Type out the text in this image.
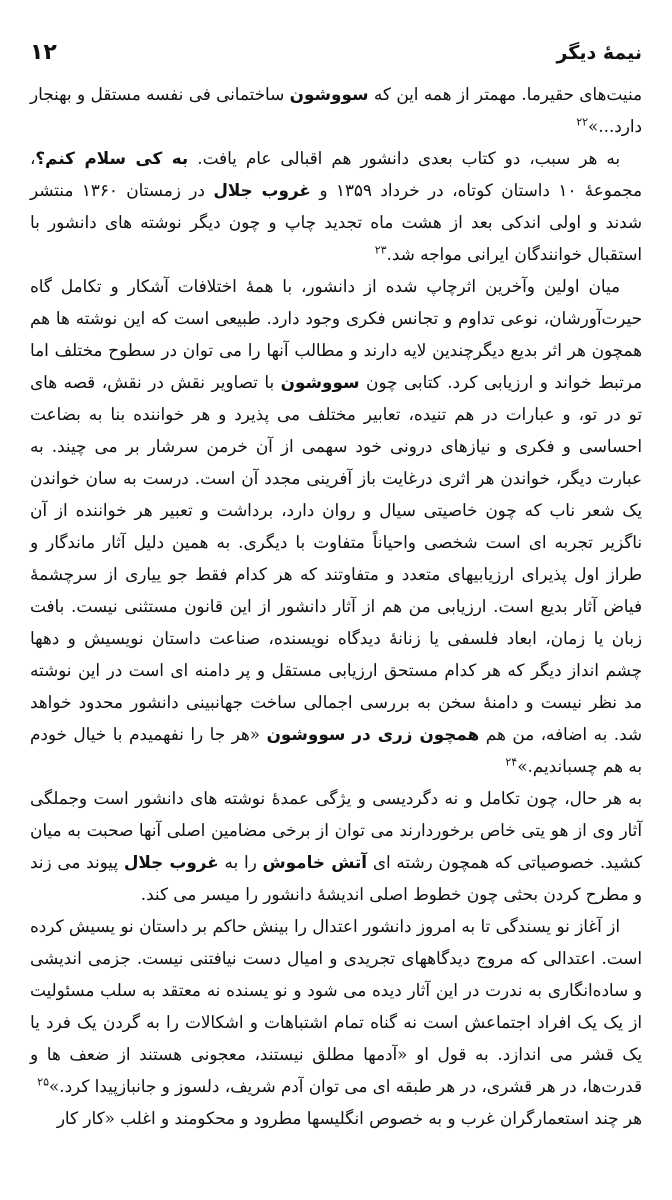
نیمهٔ دیگر
۱۲

منیت‌های حقیرما. مهمتر از همه این که سووشون ساختمانی فی نفسه مستقل و بهنجار دارد...»$^{۲۲}$

به هر سبب، دو کتاب بعدی دانشور هم اقبالی عام یافت. به کی سلام کنم؟، مجموعهٔ ۱۰ داستان کوتاه، در خرداد ۱۳۵۹ و غروب جلال در زمستان ۱۳۶۰ منتشر شدند و اولی اندکی بعد از هشت ماه تجدید چاپ و چون دیگر نوشته های دانشور با استقبال خوانندگان ایرانی مواجه شد.$^{۲۳}$

میان اولین وآخرین اثرچاپ شده از دانشور، با همهٔ اختلافات آشکار و تکامل گاه حیرت‌آورشان، نوعی تداوم و تجانس فکری وجود دارد. طبیعی است که این نوشته ها هم همچون هر اثر بدیع دیگرچندین لایه دارند و مطالب آنها را می توان در سطوح مختلف اما مرتبط خواند و ارزیابی کرد. کتابی چون سووشون با تصاویر نقش در نقش، قصه های تو در تو، و عبارات در هم تنیده، تعابیر مختلف می پذیرد و هر خواننده بنا به بضاعت احساسی و فکری و نیازهای درونی خود سهمی از آن خرمن سرشار بر می چیند. به عبارت دیگر، خواندن هر اثری درغایت باز آفرینی مجدد آن است. درست به سان خواندن یک شعر ناب که چون خاصیتی سیال و روان دارد، برداشت و تعبیر هر خواننده از آن ناگزیر تجربه ای است شخصی واحیاناً متفاوت با دیگری. به همین دلیل آثار ماندگار و طراز اول پذیرای ارزیابیهای متعدد و متفاوتند که هر کدام فقط جو ییاری از سرچشمهٔ فیاض آثار بدیع است. ارزیابی من هم از آثار دانشور از این قانون مستثنی نیست. بافت زبان یا زمان، ابعاد فلسفی یا زنانهٔ دیدگاه نویسنده، صناعت داستان نویسیش و دهها چشم انداز دیگر که هر کدام مستحق ارزیابی مستقل و پر دامنه ای است در این نوشته مد نظر نیست و دامنهٔ سخن به بررسی اجمالی ساخت جهانبینی دانشور محدود خواهد شد. به اضافه، من هم همچون زری در سووشون «هر جا را نفهمیدم با خیال خودم به هم چسباندیم.»$^{۲۴}$

به هر حال، چون تکامل و نه دگردیسی و یژگی عمدهٔ نوشته های دانشور است وجملگی آثار وی از هو یتی خاص برخوردارند می توان از برخی مضامین اصلی آنها صحبت به میان کشید. خصوصیاتی که همچون رشته ای آتش خاموش را به غروب جلال پیوند می زند و مطرح کردن بحثی چون خطوط اصلی اندیشهٔ دانشور را میسر می کند.

از آغاز نو یسندگی تا به امروز دانشور اعتدال را بینش حاکم بر داستان نو یسیش کرده است. اعتدالی که مروج دیدگاههای تجریدی و امیال دست نیافتنی نیست. جزمی اندیشی و ساده‌انگاری به ندرت در این آثار دیده می شود و نو یسنده نه معتقد به سلب مسئولیت از یک یک افراد اجتماعش است نه گناه تمام اشتباهات و اشکالات را به گردن یک فرد یا یک قشر می اندازد. به قول او «آدمها مطلق نیستند، معجونی هستند از ضعف ها و قدرت‌ها، در هر قشری، در هر طبقه ای می توان آدم شریف، دلسوز و جانبازپیدا کرد.»$^{۲۵}$

هر چند استعمارگران غرب و به خصوص انگلیسها مطرود و محکومند و اغلب «کار کار
